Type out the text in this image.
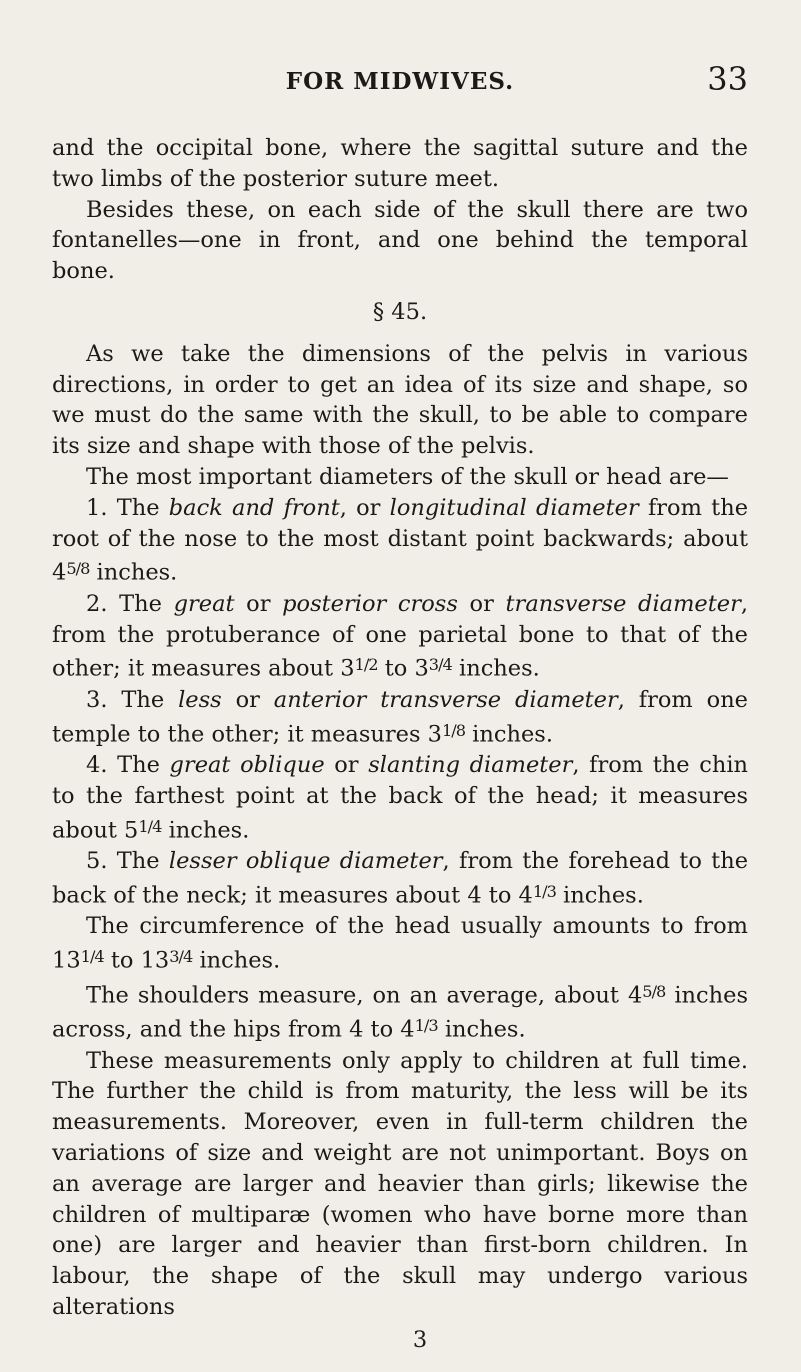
FOR MIDWIVES.	33

and the occipital bone, where the sagittal suture and the two limbs of the posterior suture meet.

Besides these, on each side of the skull there are two fontanelles—one in front, and one behind the temporal bone.

§ 45.

As we take the dimensions of the pelvis in various directions, in order to get an idea of its size and shape, so we must do the same with the skull, to be able to compare its size and shape with those of the pelvis.

The most important diameters of the skull or head are—

1. The back and front, or longitudinal diameter from the root of the nose to the most distant point backwards; about $4^{5/8}$ inches.

2. The great or posterior cross or transverse diameter, from the protuberance of one parietal bone to that of the other; it measures about $3^{1/2}$ to $3^{3/4}$ inches.

3. The less or anterior transverse diameter, from one temple to the other; it measures $3^{1/8}$ inches.

4. The great oblique or slanting diameter, from the chin to the farthest point at the back of the head; it measures about $5^{1/4}$ inches.

5. The lesser oblique diameter, from the forehead to the back of the neck; it measures about 4 to $4^{1/3}$ inches.

The circumference of the head usually amounts to from $13^{1/4}$ to $13^{3/4}$ inches.

The shoulders measure, on an average, about $4^{5/8}$ inches across, and the hips from 4 to $4^{1/3}$ inches.

These measurements only apply to children at full time. The further the child is from maturity, the less will be its measurements. Moreover, even in full-term children the variations of size and weight are not unimportant. Boys on an average are larger and heavier than girls; likewise the children of multiparæ (women who have borne more than one) are larger and heavier than first-born children. In labour, the shape of the skull may undergo various alterations

3
